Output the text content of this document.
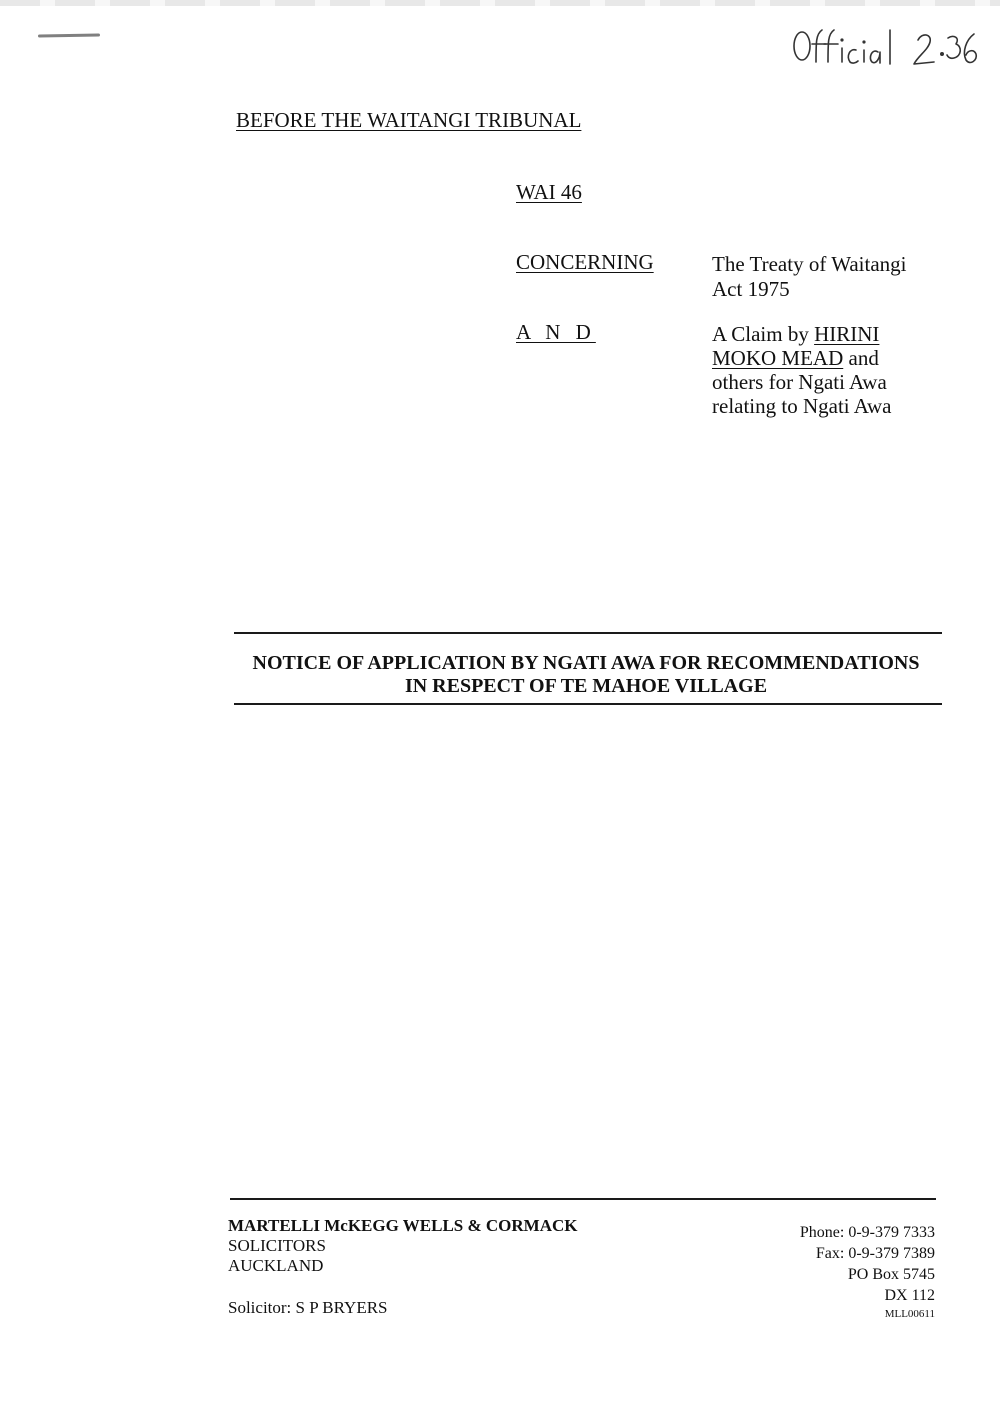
BEFORE THE WAITANGI TRIBUNAL
WAI 46
CONCERNING	The Treaty of Waitangi
Act 1975
A N D	A Claim by HIRINI
MOKO MEAD and
others for Ngati Awa
relating to Ngati Awa
NOTICE OF APPLICATION BY NGATI AWA FOR RECOMMENDATIONS
IN RESPECT OF TE MAHOE VILLAGE
MARTELLI McKEGG WELLS & CORMACK
SOLICITORS
AUCKLAND
Solicitor: S P BRYERS
Phone: 0-9-379 7333
Fax: 0-9-379 7389
PO Box 5745
DX 112
MLL00611
